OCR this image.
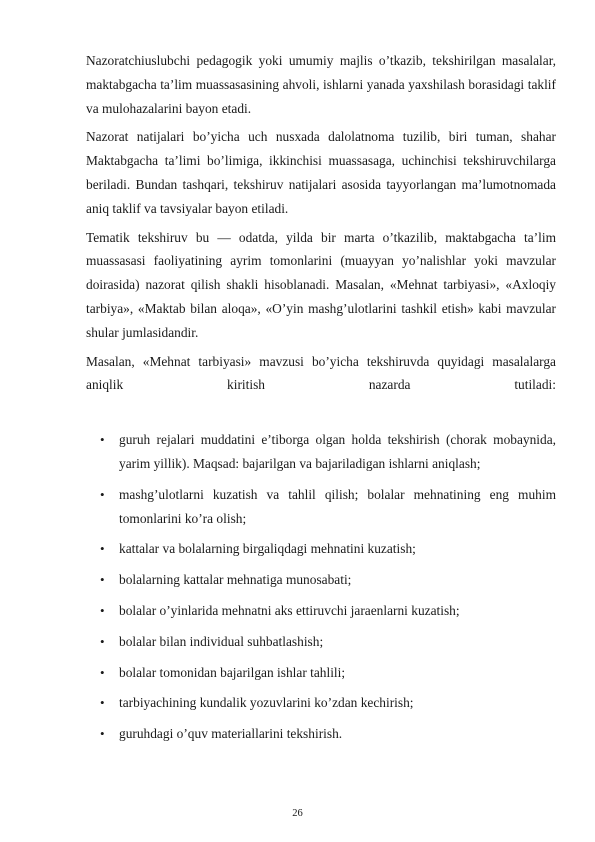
Nazoratchiuslubchi pedagogik yoki umumiy majlis o’tkazib, tekshirilgan masalalar, maktabgacha ta’lim muassasasining ahvoli, ishlarni yanada yaxshilash borasidagi taklif va mulohazalarini bayon etadi.

Nazorat natijalari bo’yicha uch nusxada dalolatnoma tuzilib, biri tuman, shahar Maktabgacha ta’limi bo’limiga, ikkinchisi muassasaga, uchinchisi tekshiruvchilarga beriladi. Bundan tashqari, tekshiruv natijalari asosida tayyorlangan ma’lumotnomada aniq taklif va tavsiyalar bayon etiladi.

Tematik tekshiruv bu — odatda, yilda bir marta o’tkazilib, maktabgacha ta’lim muassasasi faoliyatining ayrim tomonlarini (muayyan yo’nalishlar yoki mavzular doirasida) nazorat qilish shakli hisoblanadi. Masalan, «Mehnat tarbiyasi», «Axloqiy tarbiya», «Maktab bilan aloqa», «O’yin mashg’ulotlarini tashkil etish» kabi mavzular shular jumlasidandir.

Masalan, «Mehnat tarbiyasi» mavzusi bo’yicha tekshiruvda quyidagi masalalarga aniqlik kiritish nazarda tutiladi:

• guruh rejalari muddatini e’tiborga olgan holda tekshirish (chorak mobaynida, yarim yillik). Maqsad: bajarilgan va bajariladigan ishlarni aniqlash;
• mashg’ulotlarni kuzatish va tahlil qilish; bolalar mehnatining eng muhim tomonlarini ko’ra olish;
• kattalar va bolalarning birgaliqdagi mehnatini kuzatish;
• bolalarning kattalar mehnatiga munosabati;
• bolalar o’yinlarida mehnatni aks ettiruvchi jaraenlarni kuzatish;
• bolalar bilan individual suhbatlashish;
• bolalar tomonidan bajarilgan ishlar tahlili;
• tarbiyachining kundalik yozuvlarini ko’zdan kechirish;
• guruhdagi o’quv materiallarini tekshirish.
26
